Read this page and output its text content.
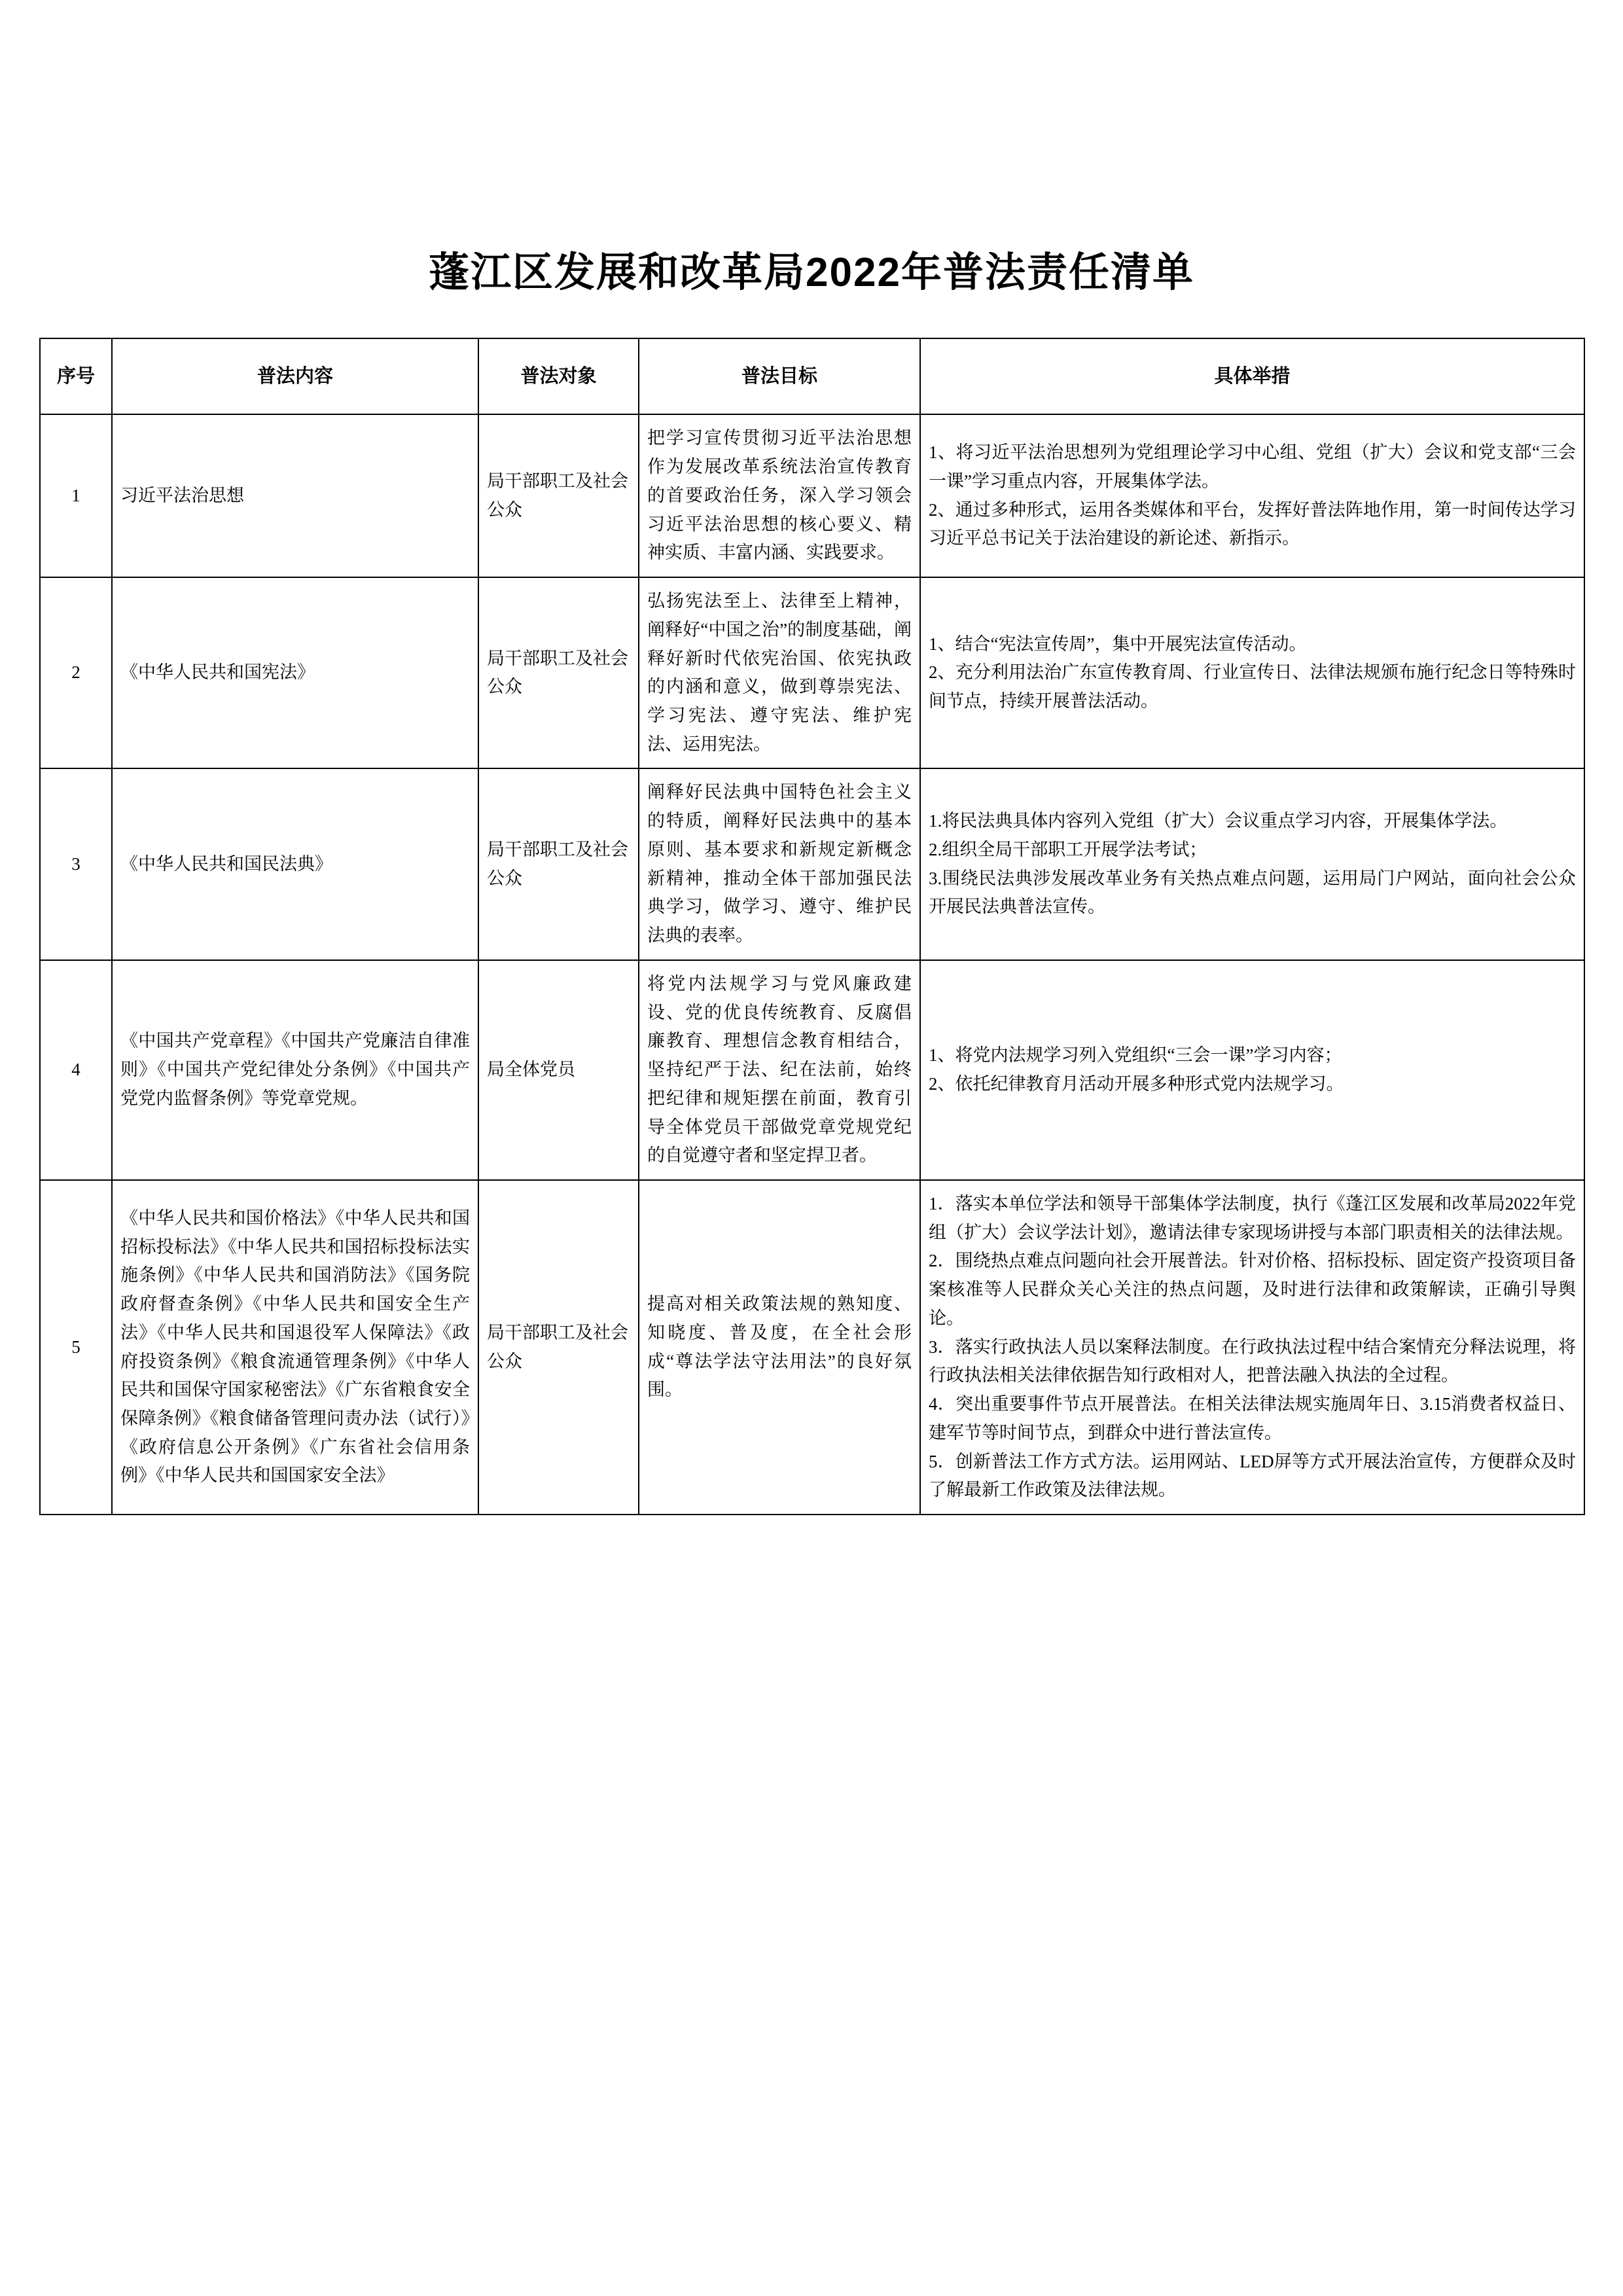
蓬江区发展和改革局2022年普法责任清单
序号	普法内容	普法对象	普法目标	具体举措
1	习近平法治思想	局干部职工及社会公众	把学习宣传贯彻习近平法治思想作为发展改革系统法治宣传教育的首要政治任务，深入学习领会习近平法治思想的核心要义、精神实质、丰富内涵、实践要求。	1、将习近平法治思想列为党组理论学习中心组、党组（扩大）会议和党支部“三会一课”学习重点内容，开展集体学法。

2、通过多种形式，运用各类媒体和平台，发挥好普法阵地作用，第一时间传达学习习近平总书记关于法治建设的新论述、新指示。

2	《中华人民共和国宪法》	局干部职工及社会公众	弘扬宪法至上、法律至上精神，阐释好“中国之治”的制度基础，阐释好新时代依宪治国、依宪执政的内涵和意义，做到尊崇宪法、学习宪法、遵守宪法、维护宪法、运用宪法。	1、结合“宪法宣传周”，集中开展宪法宣传活动。

2、充分利用法治广东宣传教育周、行业宣传日、法律法规颁布施行纪念日等特殊时间节点，持续开展普法活动。

3	《中华人民共和国民法典》	局干部职工及社会公众	阐释好民法典中国特色社会主义的特质，阐释好民法典中的基本原则、基本要求和新规定新概念新精神，推动全体干部加强民法典学习，做学习、遵守、维护民法典的表率。	1.将民法典具体内容列入党组（扩大）会议重点学习内容，开展集体学法。

2.组织全局干部职工开展学法考试；

3.围绕民法典涉发展改革业务有关热点难点问题，运用局门户网站，面向社会公众开展民法典普法宣传。

4	《中国共产党章程》《中国共产党廉洁自律准则》《中国共产党纪律处分条例》《中国共产党党内监督条例》等党章党规。	局全体党员	将党内法规学习与党风廉政建设、党的优良传统教育、反腐倡廉教育、理想信念教育相结合，坚持纪严于法、纪在法前，始终把纪律和规矩摆在前面，教育引导全体党员干部做党章党规党纪的自觉遵守者和坚定捍卫者。	1、将党内法规学习列入党组织“三会一课”学习内容；

2、依托纪律教育月活动开展多种形式党内法规学习。

5	《中华人民共和国价格法》《中华人民共和国招标投标法》《中华人民共和国招标投标法实施条例》《中华人民共和国消防法》《国务院政府督查条例》《中华人民共和国安全生产法》《中华人民共和国退役军人保障法》《政府投资条例》《粮食流通管理条例》《中华人民共和国保守国家秘密法》《广东省粮食安全保障条例》《粮食储备管理问责办法（试行）》《政府信息公开条例》《广东省社会信用条例》《中华人民共和国国家安全法》	局干部职工及社会公众	提高对相关政策法规的熟知度、知晓度、普及度，在全社会形成“尊法学法守法用法”的良好氛围。	1．落实本单位学法和领导干部集体学法制度，执行《蓬江区发展和改革局2022年党组（扩大）会议学法计划》，邀请法律专家现场讲授与本部门职责相关的法律法规。

2．围绕热点难点问题向社会开展普法。针对价格、招标投标、固定资产投资项目备案核准等人民群众关心关注的热点问题，及时进行法律和政策解读，正确引导舆论。

3．落实行政执法人员以案释法制度。在行政执法过程中结合案情充分释法说理，将行政执法相关法律依据告知行政相对人，把普法融入执法的全过程。

4．突出重要事件节点开展普法。在相关法律法规实施周年日、3.15消费者权益日、建军节等时间节点，到群众中进行普法宣传。

5．创新普法工作方式方法。运用网站、LED屏等方式开展法治宣传，方便群众及时了解最新工作政策及法律法规。
